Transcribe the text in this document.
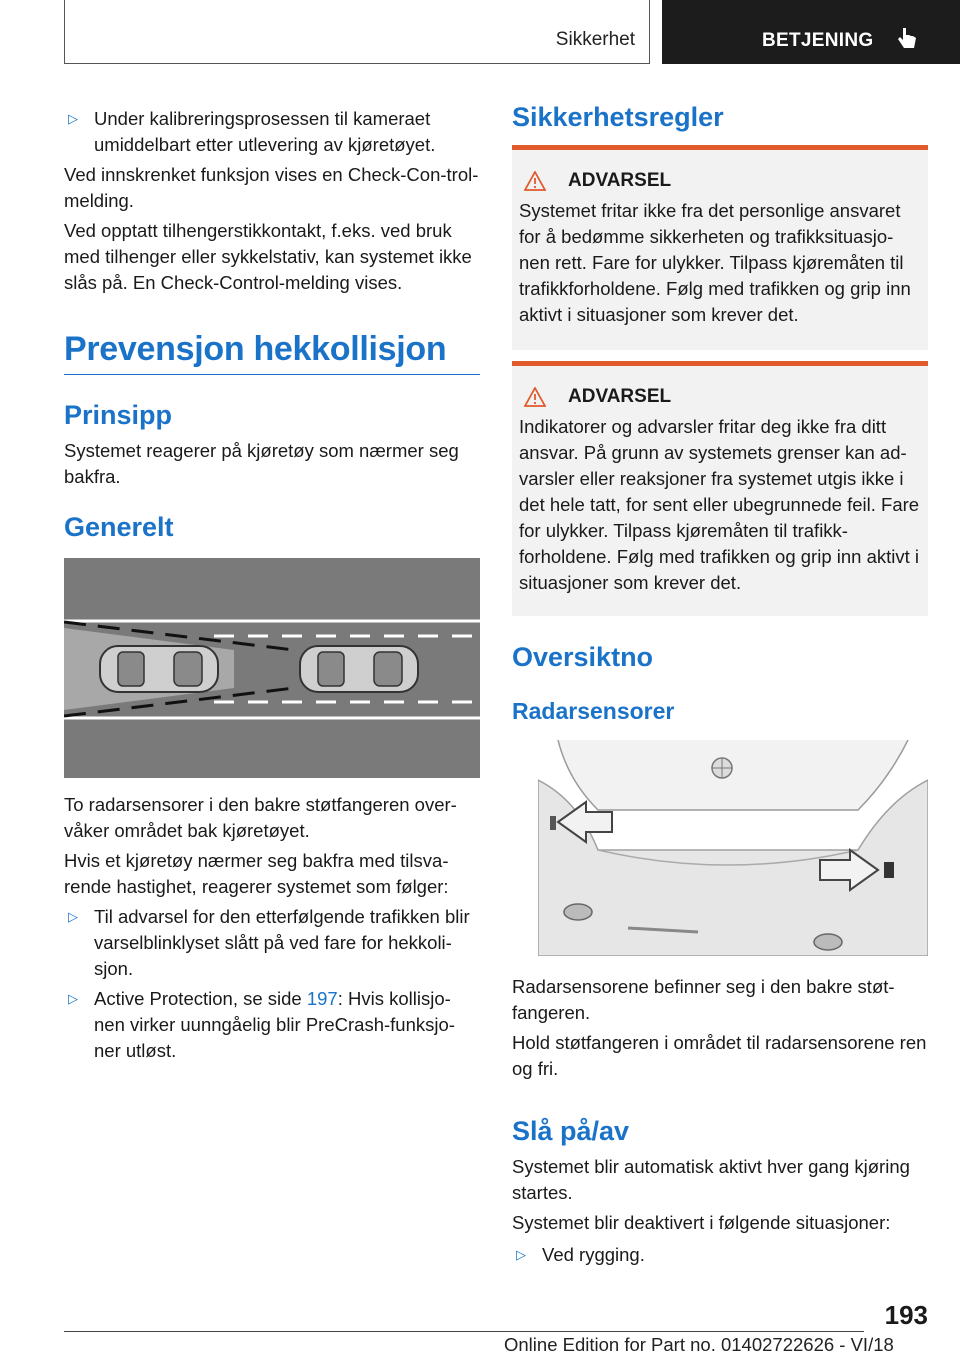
Sikkerhet	BETJENING
▷ Under kalibreringsprosessen til kameraet umiddelbart etter utlevering av kjøretøyet.

Ved innskrenket funksjon vises en Check-Con‐trol-melding.

Ved opptatt tilhengerstikkontakt, f.eks. ved bruk med tilhenger eller sykkelstativ, kan systemet ikke slås på. En Check-Control-melding vises.

Prevensjon hekkollisjon
Prinsipp

Systemet reagerer på kjøretøy som nærmer seg bakfra.

Generelt

To radarsensorer i den bakre støtfangeren over‐våker området bak kjøretøyet.

Hvis et kjøretøy nærmer seg bakfra med tilsva‐rende hastighet, reagerer systemet som følger:

▷ Til advarsel for den etterfølgende trafikken blir varselblinklyset slått på ved fare for hekkoli‐sjon.
▷ Active Protection, se side 197: Hvis kollisjo‐nen virker uunngåelig blir PreCrash-funksjo‐ner utløst.
Sikkerhetsregler
ADVARSEL
Systemet fritar ikke fra det personlige ansvaret for å bedømme sikkerheten og trafikksituasjo‐nen rett. Fare for ulykker. Tilpass kjøremåten til trafikkforholdene. Følg med trafikken og grip inn aktivt i situasjoner som krever det.
ADVARSEL
Indikatorer og advarsler fritar deg ikke fra ditt ansvar. På grunn av systemets grenser kan ad‐varsler eller reaksjoner fra systemet utgis ikke i det hele tatt, for sent eller ubegrunnede feil. Fare for ulykker. Tilpass kjøremåten til trafikk‐forholdene. Følg med trafikken og grip inn aktivt i situasjoner som krever det.
Oversiktno
Radarsensorer

Radarsensorene befinner seg i den bakre støt‐fangeren.

Hold støtfangeren i området til radarsensorene ren og fri.

Slå på/av

Systemet blir automatisk aktivt hver gang kjøring startes.

Systemet blir deaktivert i følgende situasjoner:

▷ Ved rygging.
193
Online Edition for Part no. 01402722626 - VI/18
